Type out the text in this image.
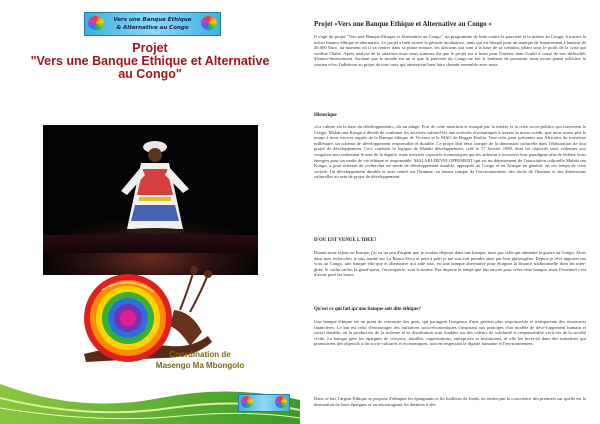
Vers une Banque Ethique
& Alternative au Congo
Projet
"Vers une Banque Ethique et Alternative
au Congo"
Coordination de
Masengo Ma Mbongolo
Projet «Vers une Banque Ethique et Alternative au Congo »
Il s'agit du projet "Vers une Banque Ethique et Alternative au Congo", un programme de lutte contre la pauvreté et la misère au Congo, à travers la micro finance éthique et alternative. Le projet a bien trouvé la période incubatrice, mais qui est bloqué pour un manque de financement à hauteur de 20.000 Euro. au moment où il va rentrer dans sa phase mature, les africains qui sont à la base de sa création, pliant sous le poids de la crise qui conflue l'Italie. Après analyse de la situation nous nous sommes dit que le projet est si beau pour l'insérer dans l'oubli à cause de nos difficultés d'immo-financement. Sachant que le monde est un et que la pauvreté du Congo ne fait le bonheur de personne, nous avons pensé solliciter le soutien et/ou l'adhésion au projet de tous ceux qui aimeraient bien faire chemin ensemble avec nous.
Historique
«La culture est la base du développement», dit un adage. Fort de cette assertion et marqué par la misère et la crise socio-politico qui traversent le Congo, Malaki ma Kongo a décidé de combiner les activités culturel-les aux activités économiques à travers la micro-crédit, que nous avons pris le temps à nous exercer auprès de la Banque éthique de Vicenza et le MAG de Reggio Emilia. Tout cela, pour présenter aux Africains du troisième millénaire, un schéma de développement responsable et durable. Ce projet doit tenir compte de la dimension culturelle dans l'élaboration de tout projet de développement. Ceci combien la logique de Malaki développement, créé le 17 Janvier 1989, dont les objectifs sont: redonner aux congolais non seulement le sens de la dignité, mais activités capacités économiques qui les aideront à recouvrer leur paradigme afin de fédérer leurs énergies pour un mode de vie éthique et responsable. MALAKI-DEVELOPPEMENT qui est un département de l'association culturelle Malaki ma Kongo, a pour mission de rechercher un mode de développement durable, approprié au Congo et en Afrique en général, en ces temps de crise sociale. Un développement durable et auto-centré sur l'homme, en tenant compte de l'environnement, des droits de l'homme et des dimensions culturelles au sein de projet de développement.
D'OU EST VENUE L'IDEE?
Durant nous séjour en Europe, j'ai vu un peu d'argent que je voulais déposer dans une banque, mais pas celle qui alimente la guerre au Congo. Alors dans mes recherches je suis tombé sur La Banca Etica et petit à petit je me suis fait prendre ainsi par leur philosophie. Depuis je rêve apporter ma voix au Congo, une banque éthi-que et alternative qui aide tout, est une banque alternative pour éloigner la finance traditionnelle dont les intér-ghée, le cache cache, la grant-spera, l'accroquerie, sont la norme. Pas importe le temps que fait encore pour créer cette banque, mais l'essentiel c'est d'avoir posé les bases.
Qu'est ce qui fait qu'une banque soit dite éthique?
Une banque éthique est un point de rencontre des gens, qui partagent l'exigence d'une gestion plus responsa-ble et transparente des ressources financières. Le but est celui d'encourager des initiatives socio-économiques s'inspirant aux principes d'un modèle de déve-loppement humain et social durable, où la production de la richesse et sa distribution sont fondées sur des valeurs de solidarité et responsabilité vis-à-vis de la société civile. La banque gère les épargnes de citoyens, familles, organisations, entreprises et institutions, et elle les inves-tit dans des initiatives qui poursuivent des objectifs à fin socio-culturels et économiques, tout en respectant la dignité humaine et l'environnement.
Dans ce but, l'argent Ethique se propose d'éduquer les épargnants et les bailleurs de fonds, en renforçant la conscience des premiers sur quelle est la destination de leurs épargnes et en encourageant les derniers à dév
